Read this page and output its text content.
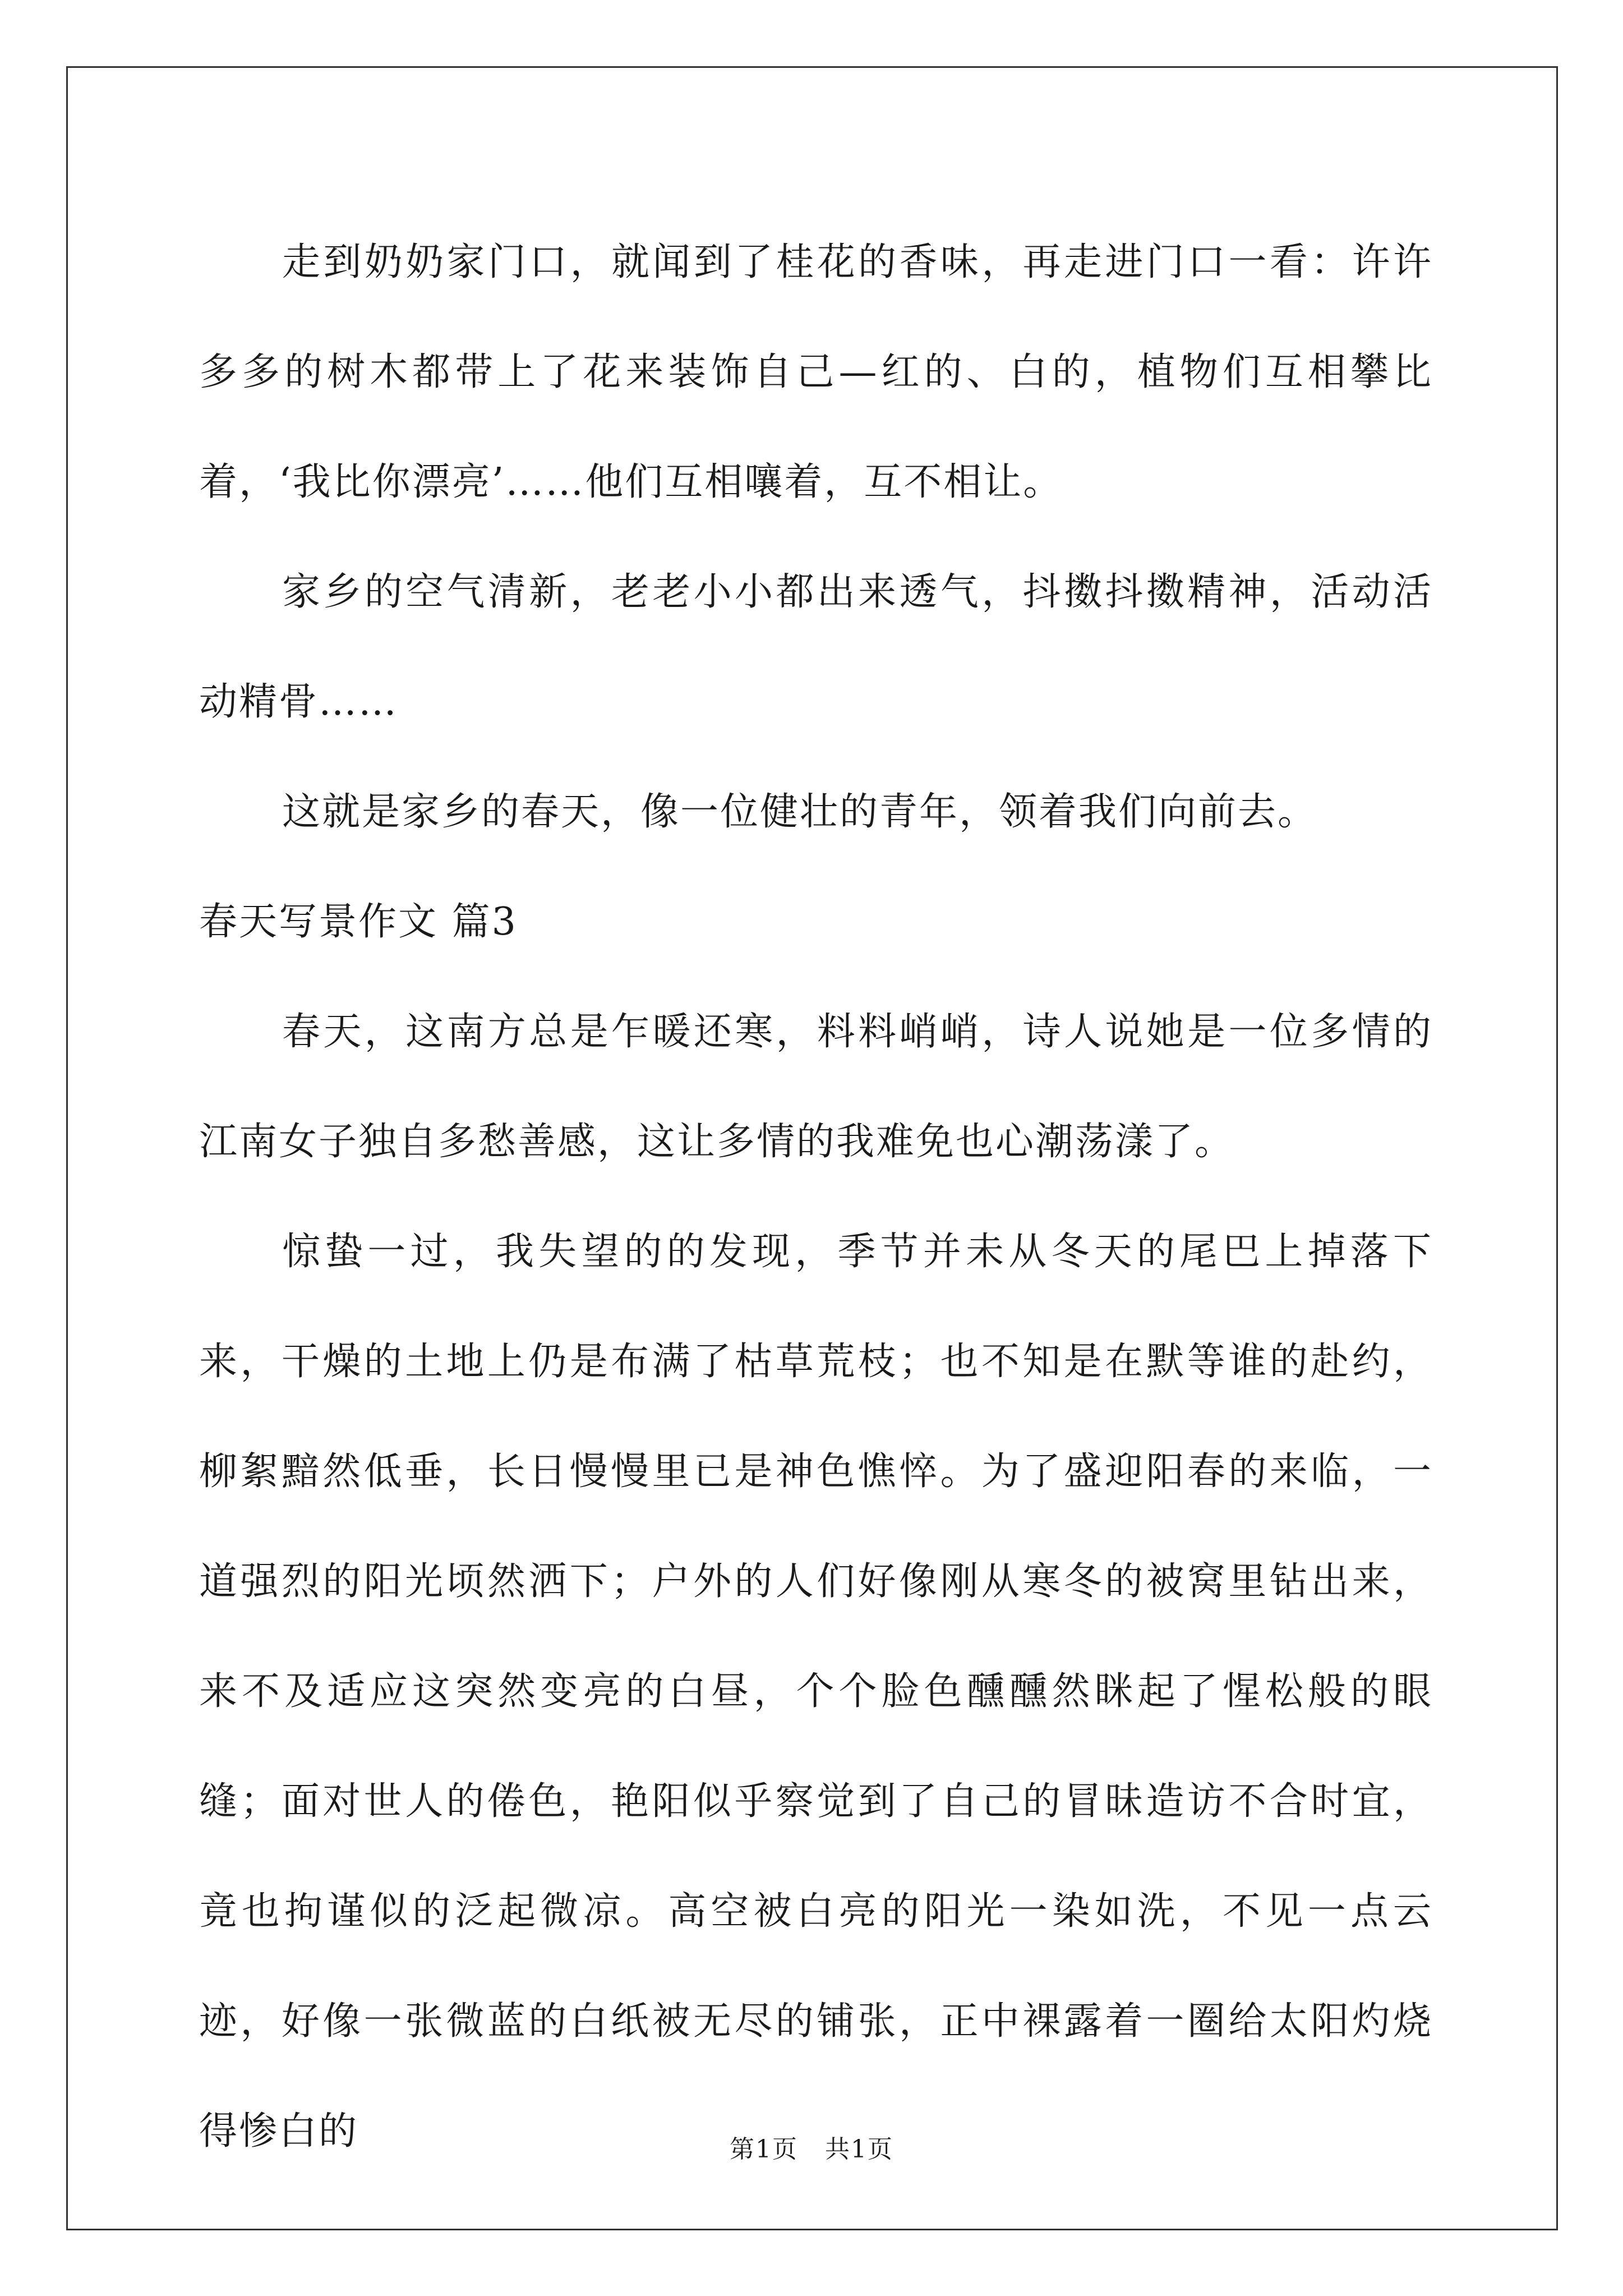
走到奶奶家门口，就闻到了桂花的香味，再走进门口一看：许许多多的树木都带上了花来装饰自己—红的、白的，植物们互相攀比着，‘我比你漂亮’……他们互相嚷着，互不相让。

家乡的空气清新，老老小小都出来透气，抖擞抖擞精神，活动活动精骨……

这就是家乡的春天，像一位健壮的青年，领着我们向前去。

春天写景作文 篇3

春天，这南方总是乍暖还寒，料料峭峭，诗人说她是一位多情的江南女子独自多愁善感，这让多情的我难免也心潮荡漾了。

惊蛰一过，我失望的的发现，季节并未从冬天的尾巴上掉落下来，干燥的土地上仍是布满了枯草荒枝；也不知是在默等谁的赴约，柳絮黯然低垂，长日慢慢里已是神色憔悴。为了盛迎阳春的来临，一道强烈的阳光顷然洒下；户外的人们好像刚从寒冬的被窝里钻出来，来不及适应这突然变亮的白昼，个个脸色醺醺然眯起了惺松般的眼缝；面对世人的倦色，艳阳似乎察觉到了自己的冒昧造访不合时宜，竟也拘谨似的泛起微凉。高空被白亮的阳光一染如洗，不见一点云迹，好像一张微蓝的白纸被无尽的铺张，正中裸露着一圈给太阳灼烧得惨白的	第1页   共1页
